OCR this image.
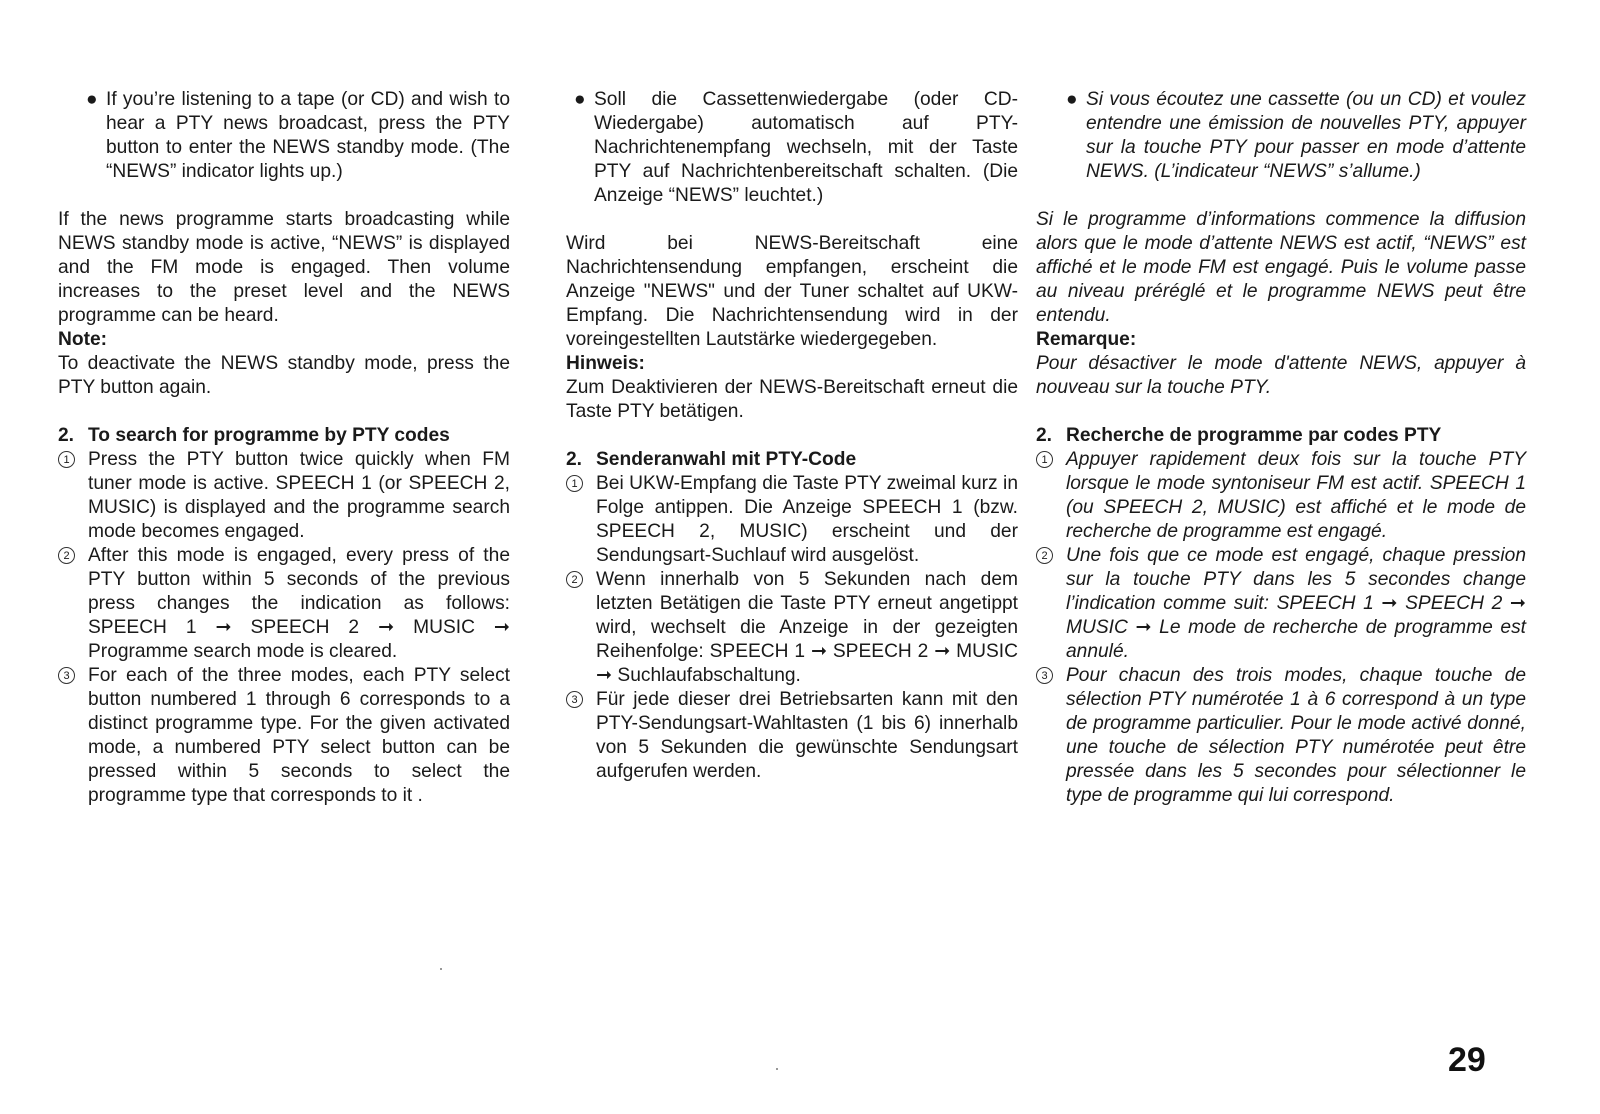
● If you’re listening to a tape (or CD) and wish to hear a PTY news broadcast, press the PTY button to enter the NEWS standby mode. (The “NEWS” indicator lights up.)

If the news programme starts broadcasting while NEWS standby mode is active, “NEWS” is displayed and the FM mode is engaged. Then volume increases to the preset level and the NEWS programme can be heard.

Note:

To deactivate the NEWS standby mode, press the PTY button again.

2. To search for programme by PTY codes

1 Press the PTY button twice quickly when FM tuner mode is active. SPEECH 1 (or SPEECH 2, MUSIC) is displayed and the programme search mode becomes engaged.

2 After this mode is engaged, every press of the PTY button within 5 seconds of the previous press changes the indication as follows: SPEECH 1 ➞ SPEECH 2 ➞ MUSIC ➞ Programme search mode is cleared.

3 For each of the three modes, each PTY select button numbered 1 through 6 corresponds to a distinct programme type. For the given activated mode, a numbered PTY select button can be pressed within 5 seconds to select the programme type that corresponds to it .

● Soll die Cassettenwiedergabe (oder CD-Wiedergabe) automatisch auf PTY-Nachrichtenempfang wechseln, mit der Taste PTY auf Nachrichtenbereitschaft schalten. (Die Anzeige “NEWS” leuchtet.)

Wird bei NEWS-Bereitschaft eine Nachrichtensendung empfangen, erscheint die Anzeige "NEWS" und der Tuner schaltet auf UKW-Empfang. Die Nachrichtensendung wird in der voreingestellten Lautstärke wiedergegeben.

Hinweis:

Zum Deaktivieren der NEWS-Bereitschaft erneut die Taste PTY betätigen.

2. Senderanwahl mit PTY-Code

1 Bei UKW-Empfang die Taste PTY zweimal kurz in Folge antippen. Die Anzeige SPEECH 1 (bzw. SPEECH 2, MUSIC) erscheint und der Sendungsart-Suchlauf wird ausgelöst.

2 Wenn innerhalb von 5 Sekunden nach dem letzten Betätigen die Taste PTY erneut angetippt wird, wechselt die Anzeige in der gezeigten Reihenfolge: SPEECH 1 ➞ SPEECH 2 ➞ MUSIC ➞ Suchlaufabschaltung.

3 Für jede dieser drei Betriebsarten kann mit den PTY-Sendungsart-Wahltasten (1 bis 6) innerhalb von 5 Sekunden die gewünschte Sendungsart aufgerufen werden.

● Si vous écoutez une cassette (ou un CD) et voulez entendre une émission de nouvelles PTY, appuyer sur la touche PTY pour passer en mode d’attente NEWS. (L’indicateur “NEWS” s’allume.)

Si le programme d’informations commence la diffusion alors que le mode d’attente NEWS est actif, “NEWS” est affiché et le mode FM est engagé. Puis le volume passe au niveau préréglé et le programme NEWS peut être entendu.

Remarque:

Pour désactiver le mode d'attente NEWS, appuyer à nouveau sur la touche PTY.

2. Recherche de programme par codes PTY

1 Appuyer rapidement deux fois sur la touche PTY lorsque le mode syntoniseur FM est actif. SPEECH 1 (ou SPEECH 2, MUSIC) est affiché et le mode de recherche de programme est engagé.

2 Une fois que ce mode est engagé, chaque pression sur la touche PTY dans les 5 secondes change l’indication comme suit: SPEECH 1 ➞ SPEECH 2 ➞ MUSIC ➞ Le mode de recherche de programme est annulé.

3 Pour chacun des trois modes, chaque touche de sélection PTY numérotée 1 à 6 correspond à un type de programme particulier. Pour le mode activé donné, une touche de sélection PTY numérotée peut être pressée dans les 5 secondes pour sélectionner le type de programme qui lui correspond.

29
